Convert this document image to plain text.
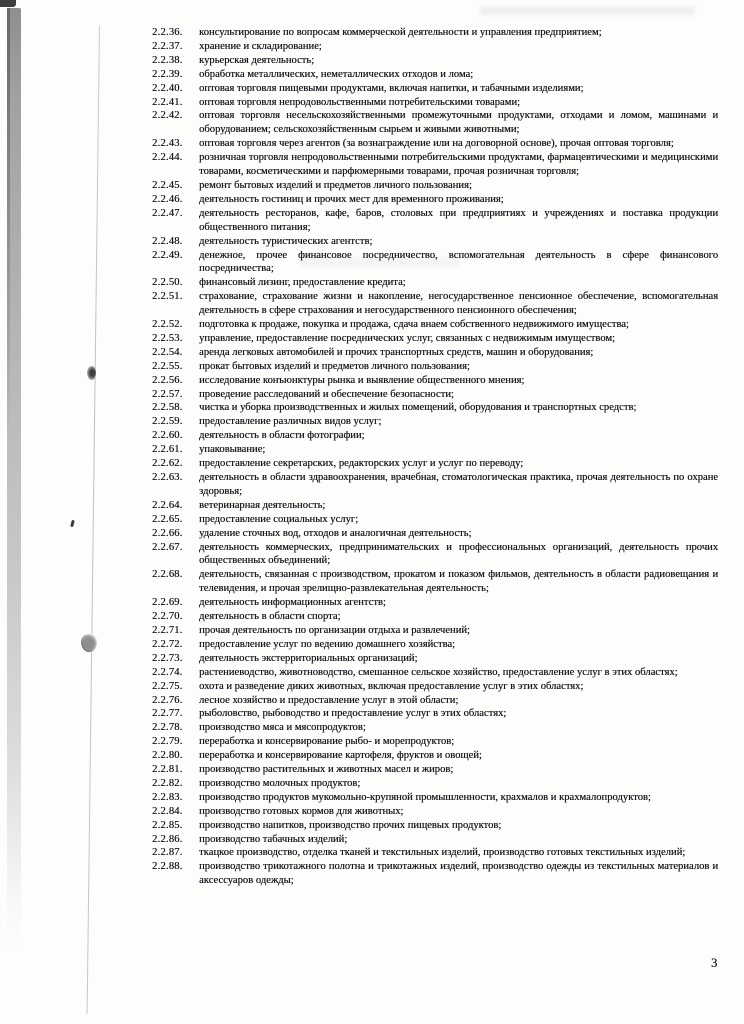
2.2.36. консультирование по вопросам коммерческой деятельности и управления предприятием;
2.2.37. хранение и складирование;
2.2.38. курьерская деятельность;
2.2.39. обработка металлических, неметаллических отходов и лома;
2.2.40. оптовая торговля пищевыми продуктами, включая напитки, и табачными изделиями;
2.2.41. оптовая торговля непродовольственными потребительскими товарами;
2.2.42. оптовая торговля несельскохозяйственными промежуточными продуктами, отходами и ломом, машинами и оборудованием; сельскохозяйственным сырьем и живыми животными;
2.2.43. оптовая торговля через агентов (за вознаграждение или на договорной основе), прочая оптовая торговля;
2.2.44. розничная торговля непродовольственными потребительскими продуктами, фармацевтическими и медицинскими товарами, косметическими и парфюмерными товарами, прочая розничная торговля;
2.2.45. ремонт бытовых изделий и предметов личного пользования;
2.2.46. деятельность гостиниц и прочих мест для временного проживания;
2.2.47. деятельность ресторанов, кафе, баров, столовых при предприятиях и учреждениях и поставка продукции общественного питания;
2.2.48. деятельность туристических агентств;
2.2.49. денежное, прочее финансовое посредничество, вспомогательная деятельность в сфере финансового посредничества;
2.2.50. финансовый лизинг, предоставление кредита;
2.2.51. страхование, страхование жизни и накопление, негосударственное пенсионное обеспечение, вспомогательная деятельность в сфере страхования и негосударственного пенсионного обеспечения;
2.2.52. подготовка к продаже, покупка и продажа, сдача внаем собственного недвижимого имущества;
2.2.53. управление, предоставление посреднических услуг, связанных с недвижимым имуществом;
2.2.54. аренда легковых автомобилей и прочих транспортных средств, машин и оборудования;
2.2.55. прокат бытовых изделий и предметов личного пользования;
2.2.56. исследование конъюнктуры рынка и выявление общественного мнения;
2.2.57. проведение расследований и обеспечение безопасности;
2.2.58. чистка и уборка производственных и жилых помещений, оборудования и транспортных средств;
2.2.59. предоставление различных видов услуг;
2.2.60. деятельность в области фотографии;
2.2.61. упаковывание;
2.2.62. предоставление секретарских, редакторских услуг и услуг по переводу;
2.2.63. деятельность в области здравоохранения, врачебная, стоматологическая практика, прочая деятельность по охране здоровья;
2.2.64. ветеринарная деятельность;
2.2.65. предоставление социальных услуг;
2.2.66. удаление сточных вод, отходов и аналогичная деятельность;
2.2.67. деятельность коммерческих, предпринимательских и профессиональных организаций, деятельность прочих общественных объединений;
2.2.68. деятельность, связанная с производством, прокатом и показом фильмов, деятельность в области радиовещания и телевидения, и прочая зрелищно-развлекательная деятельность;
2.2.69. деятельность информационных агентств;
2.2.70. деятельность в области спорта;
2.2.71. прочая деятельность по организации отдыха и развлечений;
2.2.72. предоставление услуг по ведению домашнего хозяйства;
2.2.73. деятельность экстерриториальных организаций;
2.2.74. растениеводство, животноводство, смешанное сельское хозяйство, предоставление услуг в этих областях;
2.2.75. охота и разведение диких животных, включая предоставление услуг в этих областях;
2.2.76. лесное хозяйство и предоставление услуг в этой области;
2.2.77. рыболовство, рыбоводство и предоставление услуг в этих областях;
2.2.78. производство мяса и мясопродуктов;
2.2.79. переработка и консервирование рыбо- и морепродуктов;
2.2.80. переработка и консервирование картофеля, фруктов и овощей;
2.2.81. производство растительных и животных масел и жиров;
2.2.82. производство молочных продуктов;
2.2.83. производство продуктов мукомольно-крупяной промышленности, крахмалов и крахмалопродуктов;
2.2.84. производство готовых кормов для животных;
2.2.85. производство напитков, производство прочих пищевых продуктов;
2.2.86. производство табачных изделий;
2.2.87. ткацкое производство, отделка тканей и текстильных изделий, производство готовых текстильных изделий;
2.2.88. производство трикотажного полотна и трикотажных изделий, производство одежды из текстильных материалов и аксессуаров одежды;
3
